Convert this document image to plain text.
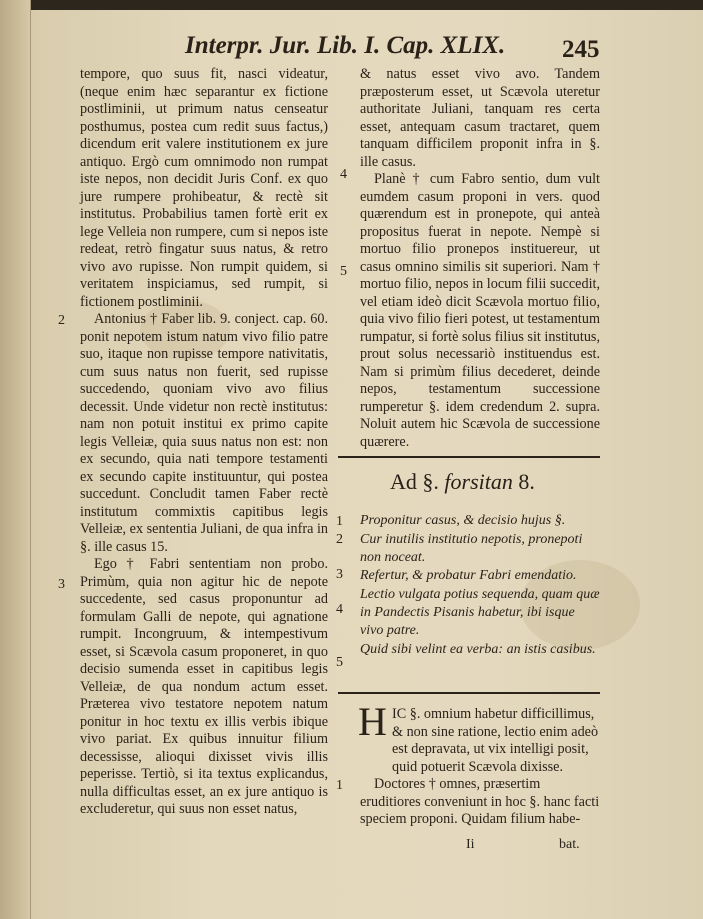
Interpr. Jur. Lib. I. Cap. XLIX.	245

tempore, quo suus fit, nasci videatur, (neque enim hæc separantur ex fictione postliminii, ut primum natus censeatur posthumus, postea cum redit suus factus,) dicendum erit valere institutionem ex jure antiquo. Ergò cum omnimodo non rumpat iste nepos, non decidit Juris Conf. ex quo jure rumpere prohibeatur, & rectè sit institutus. Probabilius tamen fortè erit ex lege Velleia non rumpere, cum si nepos iste redeat, retrò fingatur suus natus, & retro vivo avo rupisse. Non rumpit quidem, si veritatem inspiciamus, sed rumpit, si fictionem postliminii.

Antonius † Faber lib. 9. conject. cap. 60. ponit nepotem istum natum vivo filio patre suo, itaque non rupisse tempore nativitatis, cum suus natus non fuerit, sed rupisse succedendo, quoniam vivo avo filius decessit. Unde videtur non rectè institutus: nam non potuit institui ex primo capite legis Velleiæ, quia suus natus non est: non ex secundo, quia nati tempore testamenti ex secundo capite instituuntur, qui postea succedunt. Concludit tamen Faber rectè institutum commixtis capitibus legis Velleiæ, ex sententia Juliani, de qua infra in §. ille casus 15.

Ego † Fabri sententiam non probo. Primùm, quia non agitur hic de nepote succedente, sed casus proponuntur ad formulam Galli de nepote, qui agnatione rumpit. Incongruum, & intempestivum esset, si Scævola casum proponeret, in quo decisio sumenda esset in capitibus legis Velleiæ, de qua nondum actum esset. Præterea vivo testatore nepotem natum ponitur in hoc textu ex illis verbis ibique vivo pariat. Ex quibus innuitur filium decessisse, alioqui dixisset vivis illis peperisse. Tertiò, si ita textus explicandus, nulla difficultas esset, an ex jure antiquo is excluderetur, qui suus non esset natus,

2
3

& natus esset vivo avo. Tandem præposterum esset, ut Scævola uteretur authoritate Juliani, tanquam res certa esset, antequam casum tractaret, quem tanquam difficilem proponit infra in §. ille casus.

Planè † cum Fabro sentio, dum vult eumdem casum proponi in vers. quod quærendum est in pronepote, qui anteà propositus fuerat in nepote. Nempè si mortuo filio pronepos instituereur, ut casus omnino similis sit superiori. Nam † mortuo filio, nepos in locum filii succedit, vel etiam ideò dicit Scævola mortuo filio, quia vivo filio fieri potest, ut testamentum rumpatur, si fortè solus filius sit institutus, prout solus necessariò instituendus est. Nam si primùm filius decederet, deinde nepos, testamentum successione rumperetur §. idem credendum 2. supra. Noluit autem hic Scævola de successione quærere.

4
5
Ad §. forsitan 8.
1
2
3
4
5
Proponitur casus, & decisio hujus §.
Cur inutilis institutio nepotis, pronepoti non noceat.
Refertur, & probatur Fabri emendatio.
Lectio vulgata potius sequenda, quam quæ in Pandectis Pisanis habetur, ibi isque vivo patre.
Quid sibi velint ea verba: an istis casibus.
H IC §. omnium habetur difficillimus, & non sine ratione, lectio enim adeò est depravata, ut vix intelligi posit, quid potuerit Scævola dixisse.
Doctores † omnes, præsertim eruditiores conveniunt in hoc §. hanc facti speciem proponi. Quidam filium habe-
1
Ii	bat.
